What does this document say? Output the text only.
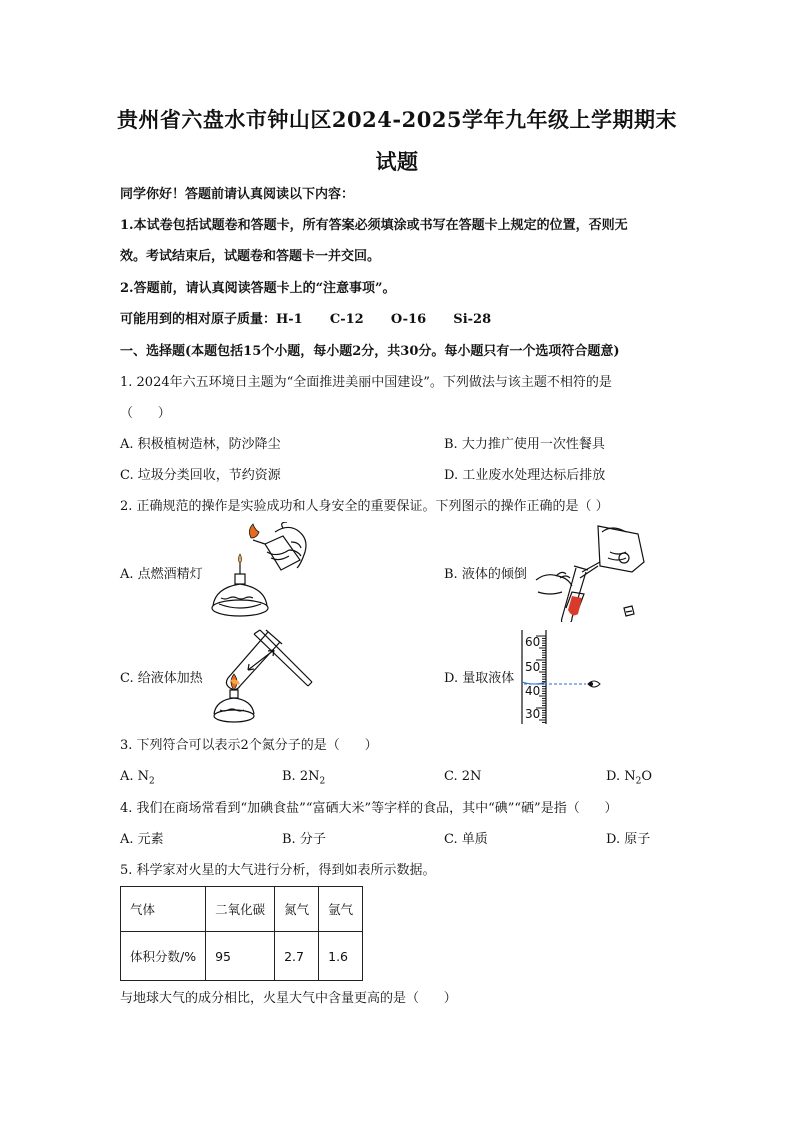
贵州省六盘水市钟山区2024-2025学年九年级上学期期末
试题
同学你好！答题前请认真阅读以下内容：
1.本试卷包括试题卷和答题卡，所有答案必须填涂或书写在答题卡上规定的位置，否则无
效。考试结束后，试题卷和答题卡一并交回。
2.答题前，请认真阅读答题卡上的“注意事项”。
可能用到的相对原子质量：H-1      C-12      O-16      Si-28
一、选择题(本题包括15个小题，每小题2分，共30分。每小题只有一个选项符合题意)
1. 2024年六五环境日主题为“全面推进美丽中国建设”。下列做法与该主题不相符的是
（      ）
A. 积极植树造林，防沙降尘	B. 大力推广使用一次性餐具
C. 垃圾分类回收，节约资源	D. 工业废水处理达标后排放
2. 正确规范的操作是实验成功和人身安全的重要保证。下列图示的操作正确的是（ ）
A. 点燃酒精灯	B. 液体的倾倒
C. 给液体加热	D. 量取液体
60
50
40
30
3. 下列符合可以表示2个氮分子的是（      ）
A. $N_2$	B. $2N_2$	C. 2N	D. $N_2O$
4. 我们在商场常看到“加碘食盐”“富硒大米”等字样的食品，其中“碘”“硒”是指（      ）
A. 元素	B. 分子	C. 单质	D. 原子
5. 科学家对火星的大气进行分析，得到如表所示数据。
气体	二氧化碳	氮气	氩气
体积分数/%	95	2.7	1.6
与地球大气的成分相比，火星大气中含量更高的是（      ）
